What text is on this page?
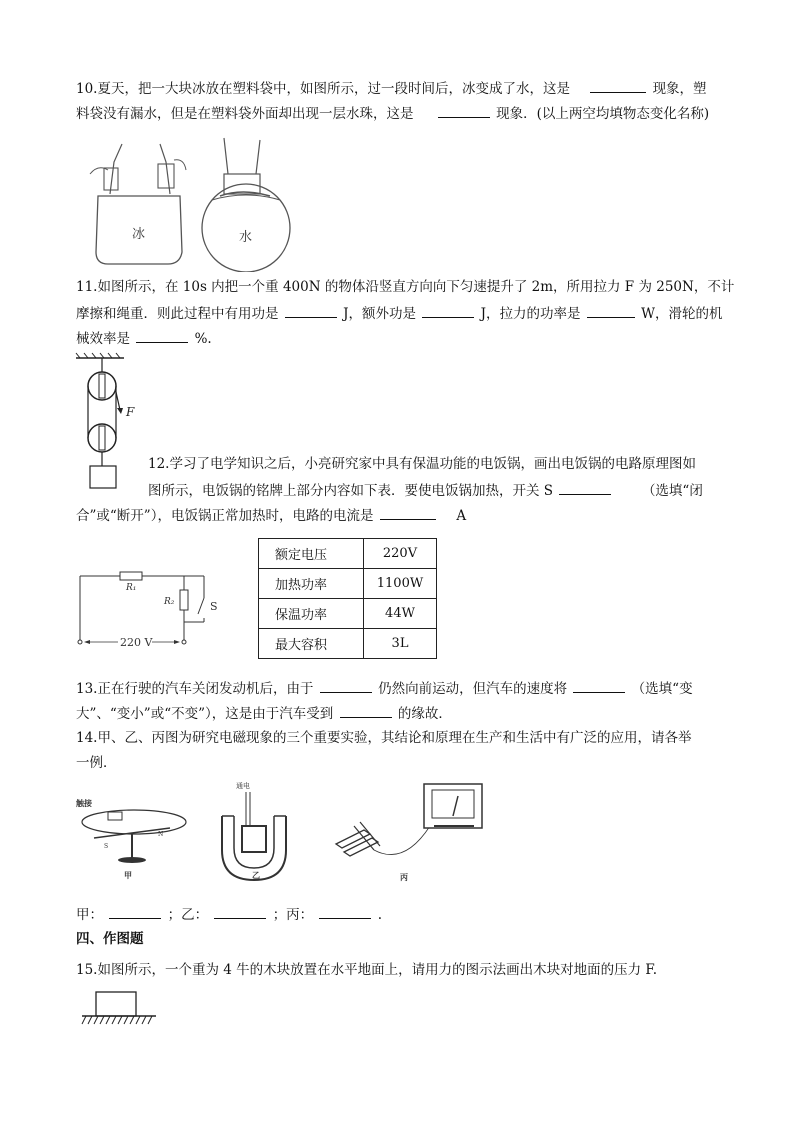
10.夏天，把一大块冰放在塑料袋中，如图所示，过一段时间后，冰变成了水，这是	现象，塑
料袋没有漏水，但是在塑料袋外面却出现一层水珠，这是	现象．(以上两空均填物态变化名称)
冰	水
11.如图所示，在 10s 内把一个重 400N 的物体沿竖直方向向下匀速提升了 2m，所用拉力 F 为 250N，不计
摩擦和绳重．则此过程中有用功是	J，额外功是	J，拉力的功率是	W，滑轮的机
械效率是	%.
F
12.学习了电学知识之后，小亮研究家中具有保温功能的电饭锅，画出电饭锅的电路原理图如
图所示，电饭锅的铭牌上部分内容如下表．要使电饭锅加热，开关 S	（选填“闭
合”或“断开”），电饭锅正常加热时，电路的电流是	A
R₁
R₂	S
220 V
额定电压	220V
加热功率	1100W
保温功率	44W
最大容积	3L
13.正在行驶的汽车关闭发动机后，由于	仍然向前运动，但汽车的速度将	（选填“变
大”、“变小”或“不变”），这是由于汽车受到	的缘故．
14.甲、乙、丙图为研究电磁现象的三个重要实验，其结论和原理在生产和生活中有广泛的应用，请各举
一例．
触接
S
N
甲
通电
乙	丙
甲：	；乙：	；丙：	.
四、作图题
15.如图所示，一个重为 4 牛的木块放置在水平地面上，请用力的图示法画出木块对地面的压力 F.
